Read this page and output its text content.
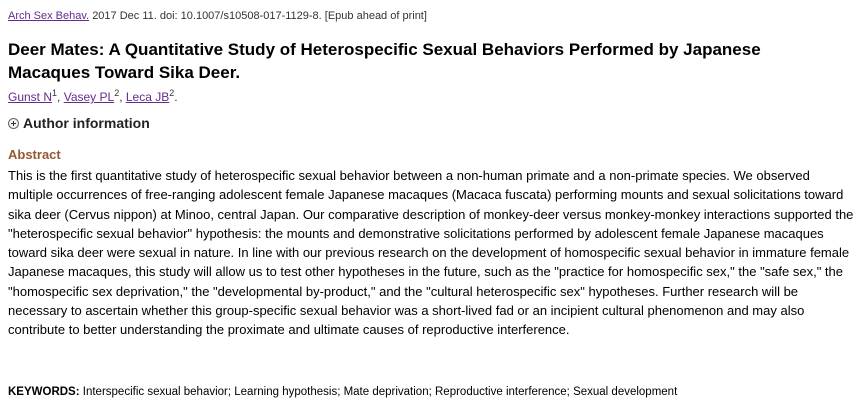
Arch Sex Behav. 2017 Dec 11. doi: 10.1007/s10508-017-1129-8. [Epub ahead of print]
Deer Mates: A Quantitative Study of Heterospecific Sexual Behaviors Performed by Japanese Macaques Toward Sika Deer.
Gunst $N^1$, Vasey $PL^2$, Leca $JB^2$.
Author information
Abstract

This is the first quantitative study of heterospecific sexual behavior between a non-human primate and a non-primate species. We observed multiple occurrences of free-ranging adolescent female Japanese macaques (Macaca fuscata) performing mounts and sexual solicitations toward sika deer (Cervus nippon) at Minoo, central Japan. Our comparative description of monkey-deer versus monkey-monkey interactions supported the "heterospecific sexual behavior" hypothesis: the mounts and demonstrative solicitations performed by adolescent female Japanese macaques toward sika deer were sexual in nature. In line with our previous research on the development of homospecific sexual behavior in immature female Japanese macaques, this study will allow us to test other hypotheses in the future, such as the "practice for homospecific sex," the "safe sex," the "homospecific sex deprivation," the "developmental by-product," and the "cultural heterospecific sex" hypotheses. Further research will be necessary to ascertain whether this group-specific sexual behavior was a short-lived fad or an incipient cultural phenomenon and may also contribute to better understanding the proximate and ultimate causes of reproductive interference.

KEYWORDS: Interspecific sexual behavior; Learning hypothesis; Mate deprivation; Reproductive interference; Sexual development
